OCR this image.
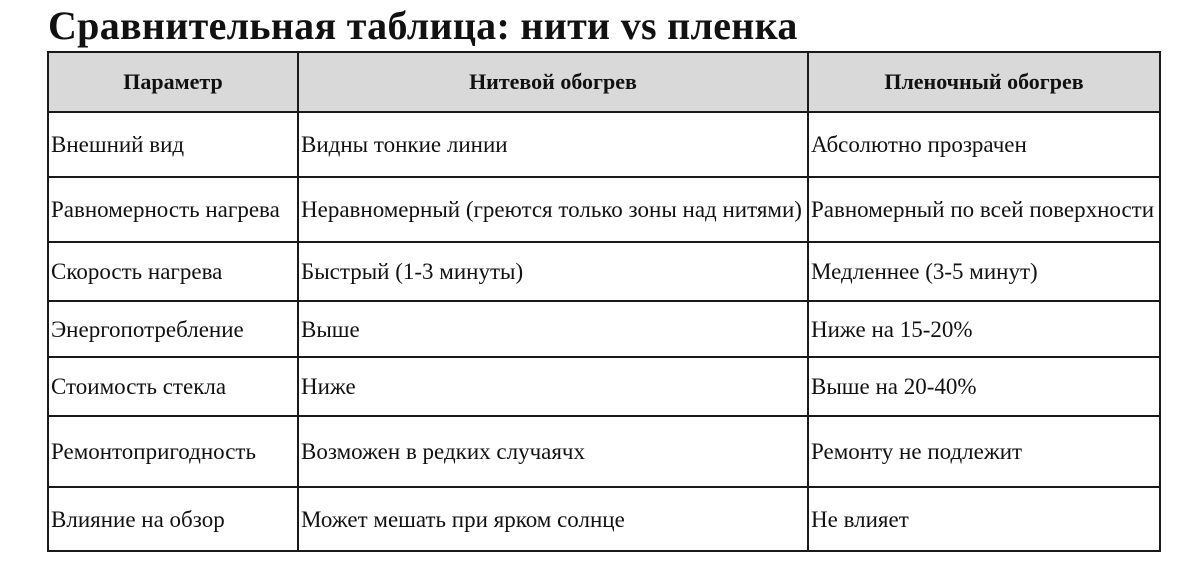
Сравнительная таблица: нити vs пленка
Параметр	Нитевой обогрев	Пленочный обогрев
Внешний вид	Видны тонкие линии	Абсолютно прозрачен
Равномерность нагрева	Неравномерный (греются только зоны над нитями)	Равномерный по всей поверхности
Скорость нагрева	Быстрый (1-3 минуты)	Медленнее (3-5 минут)
Энергопотребление	Выше	Ниже на 15-20%
Стоимость стекла	Ниже	Выше на 20-40%
Ремонтопригодность	Возможен в редких случаячх	Ремонту не подлежит
Влияние на обзор	Может мешать при ярком солнце	Не влияет
